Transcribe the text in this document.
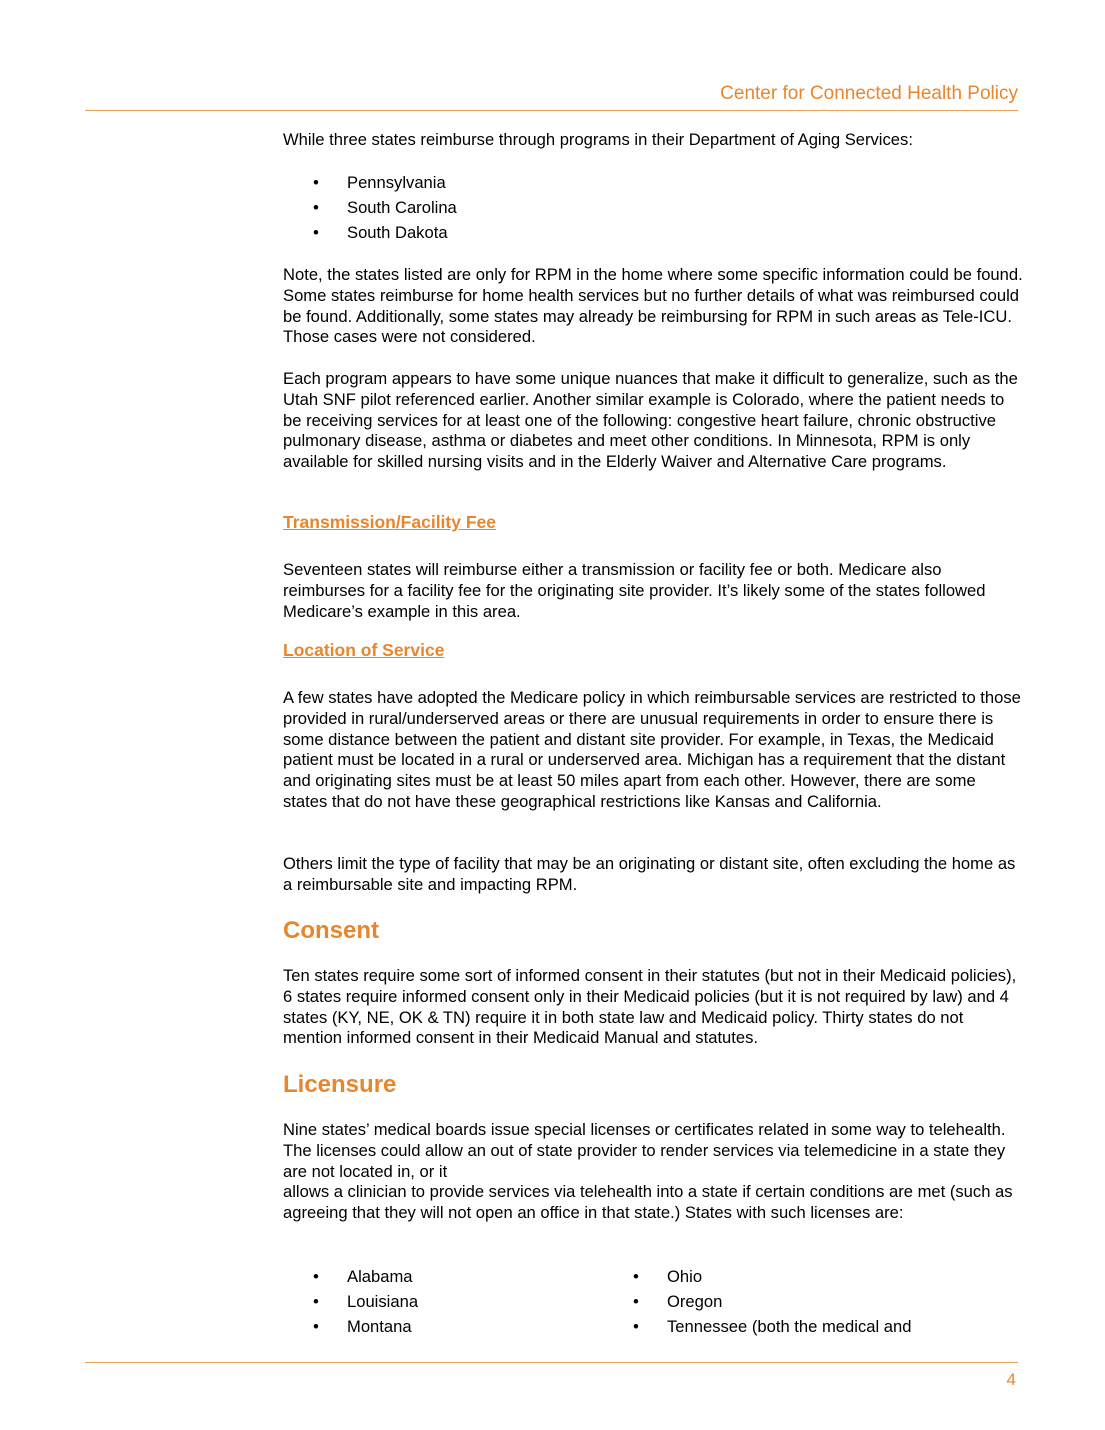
Center for Connected Health Policy

While three states reimburse through programs in their Department of Aging Services:

• Pennsylvania
• South Carolina
• South Dakota

Note, the states listed are only for RPM in the home where some specific information could be found. Some states reimburse for home health services but no further details of what was reimbursed could be found. Additionally, some states may already be reimbursing for RPM in such areas as Tele-ICU. Those cases were not considered.

Each program appears to have some unique nuances that make it difficult to generalize, such as the Utah SNF pilot referenced earlier. Another similar example is Colorado, where the patient needs to be receiving services for at least one of the following: congestive heart failure, chronic obstructive pulmonary disease, asthma or diabetes and meet other conditions. In Minnesota, RPM is only available for skilled nursing visits and in the Elderly Waiver and Alternative Care programs.

Transmission/Facility Fee

Seventeen states will reimburse either a transmission or facility fee or both. Medicare also reimburses for a facility fee for the originating site provider. It’s likely some of the states followed Medicare’s example in this area.

Location of Service

A few states have adopted the Medicare policy in which reimbursable services are restricted to those provided in rural/underserved areas or there are unusual requirements in order to ensure there is some distance between the patient and distant site provider. For example, in Texas, the Medicaid patient must be located in a rural or underserved area. Michigan has a requirement that the distant and originating sites must be at least 50 miles apart from each other. However, there are some states that do not have these geographical restrictions like Kansas and California.

Others limit the type of facility that may be an originating or distant site, often excluding the home as a reimbursable site and impacting RPM.

Consent

Ten states require some sort of informed consent in their statutes (but not in their Medicaid policies), 6 states require informed consent only in their Medicaid policies (but it is not required by law) and 4 states (KY, NE, OK & TN) require it in both state law and Medicaid policy. Thirty states do not mention informed consent in their Medicaid Manual and statutes.

Licensure

Nine states’ medical boards issue special licenses or certificates related in some way to telehealth. The licenses could allow an out of state provider to render services via telemedicine in a state they are not located in, or it

allows a clinician to provide services via telehealth into a state if certain conditions are met (such as agreeing that they will not open an office in that state.) States with such licenses are:

• Alabama
• Louisiana
• Montana
• Ohio
• Oregon
• Tennessee (both the medical and
4
